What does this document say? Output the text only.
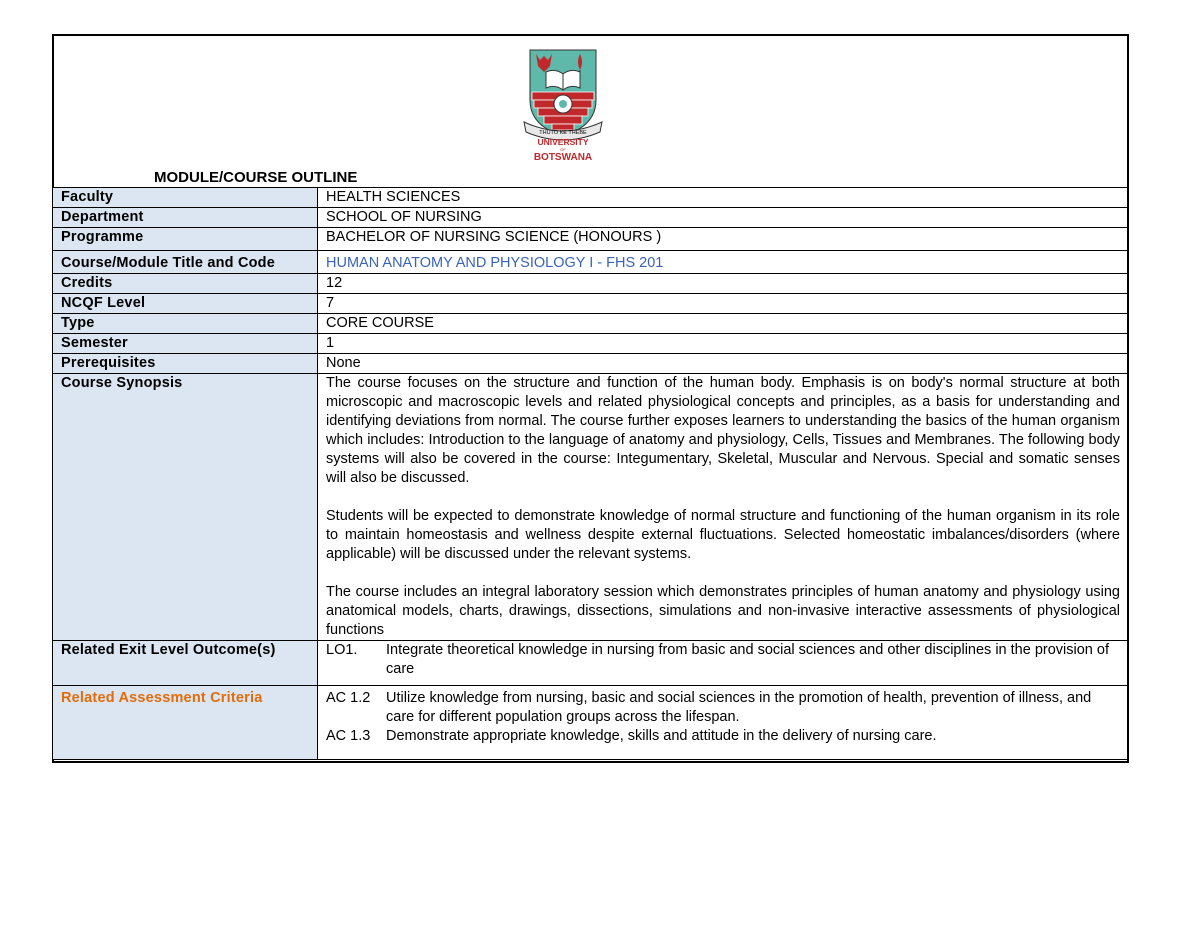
THUTO KE THEBE
UNIVERSITY
OF
BOTSWANA
MODULE/COURSE OUTLINE
Faculty	HEALTH SCIENCES
Department	SCHOOL OF NURSING
Programme	BACHELOR OF NURSING SCIENCE (HONOURS )
Course/Module Title and Code	HUMAN ANATOMY AND PHYSIOLOGY I - FHS 201
Credits	12
NCQF Level	7
Type	CORE COURSE
Semester	1
Prerequisites	None
Course Synopsis	The course focuses on the structure and function of the human body. Emphasis is on body's normal structure at both microscopic and macroscopic levels and related physiological concepts and principles, as a basis for understanding and identifying deviations from normal. The course further exposes learners to understanding the basics of the human organism which includes: Introduction to the language of anatomy and physiology, Cells, Tissues and Membranes. The following body systems will also be covered in the course: Integumentary, Skeletal, Muscular and Nervous. Special and somatic senses will also be discussed.

Students will be expected to demonstrate knowledge of normal structure and functioning of the human organism in its role to maintain homeostasis and wellness despite external fluctuations. Selected homeostatic imbalances/disorders (where applicable) will be discussed under the relevant systems.

The course includes an integral laboratory session which demonstrates principles of human anatomy and physiology using anatomical models, charts, drawings, dissections, simulations and non-invasive interactive assessments of physiological functions

Related Exit Level Outcome(s)	LO1. Integrate theoretical knowledge in nursing from basic and social sciences and other disciplines in the provision of care

Related Assessment Criteria	AC 1.2 Utilize knowledge from nursing, basic and social sciences in the promotion of health, prevention of illness, and care for different population groups across the lifespan.
AC 1.3 Demonstrate appropriate knowledge, skills and attitude in the delivery of nursing care.
